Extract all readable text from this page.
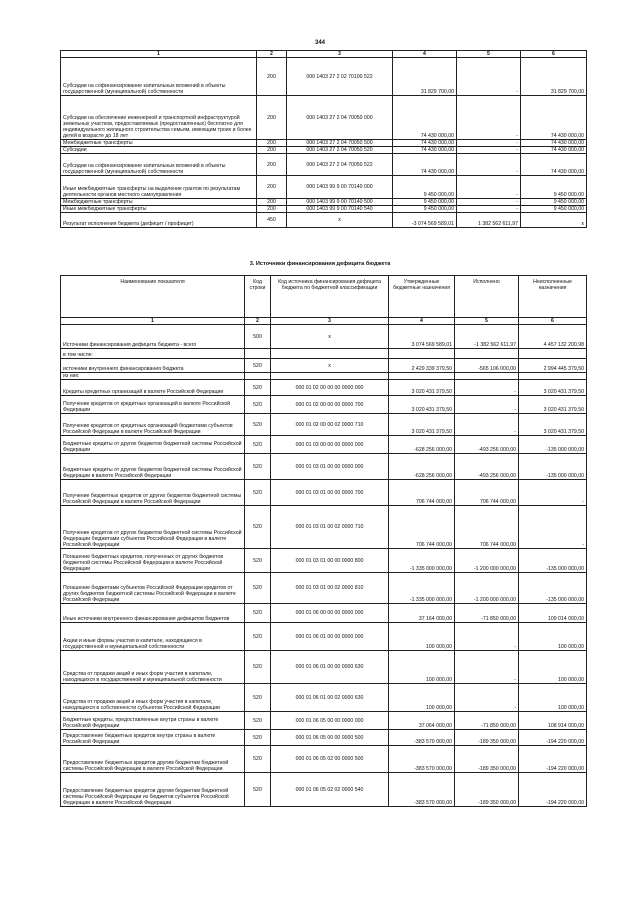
344
1	2	3	4	5	6
Субсидии на софинансирование капитальных вложений в объекты государственной (муниципальной) собственности	200	000 1403 27 2 02 70100 522	31 829 700,00	-	31 829 700,00
Субсидии на обеспечение инженерной и транспортной инфраструктурой земельных участков, предоставляемых (предоставленных) бесплатно для индивидуального жилищного строительства семьям, имеющим троих и более детей в возрасте до 18 лет	200	000 1403 27 2 04 70050 000	74 430 000,00	-	74 430 000,00
Межбюджетные трансферты	200	000 1403 27 2 04 70050 500	74 430 000,00	-	74 430 000,00
Субсидии	200	000 1403 27 2 04 70050 520	74 430 000,00	-	74 430 000,00
Субсидии на софинансирование капитальных вложений в объекты государственной (муниципальной) собственности	200	000 1403 27 2 04 70050 522	74 430 000,00	-	74 430 000,00
Иные межбюджетные трансферты на выделение грантов по результатам деятельности органов местного самоуправления	200	000 1403 99 9 00 70140 000	9 450 000,00	-	9 450 000,00
Межбюджетные трансферты	200	000 1403 99 9 00 70140 500	9 450 000,00	-	9 450 000,00
Иные межбюджетные трансферты	200	000 1403 99 9 00 70140 540	9 450 000,00	-	9 450 000,00
Результат исполнения бюджета (дефицит / профицит)	450	x	-3 074 569 589,01	1 382 562 611,97	x
3. Источники финансирования дефицита бюджета
Наименование показателя	Код строки	Код источника финансирования дефицита бюджета по бюджетной классификации	Утвержденные бюджетные назначения	Исполнено	Неисполненные назначения
1	2	3	4	5	6
Источники финансирования дефицита бюджета - всего	500	x	3 074 569 589,01	-1 382 562 611,97	4 457 132 200,98
в том числе:					
источники внутреннего финансирования бюджета	520	x	2 429 339 379,50	-565 106 000,00	2 994 445 379,50
из них:					
Кредиты кредитных организаций в валюте Российской Федерации	520	000 01 02 00 00 00 0000 000	3 020 431 379,50	-	3 020 431 379,50
Получение кредитов от кредитных организаций в валюте Российской Федерации	520	000 01 02 00 00 00 0000 700	3 020 431 379,50	-	3 020 431 379,50
Получение кредитов от кредитных организаций бюджетами субъектов Российской Федерации в валюте Российской Федерации	520	000 01 02 00 00 02 0000 710	3 020 431 379,50	-	3 020 431 379,50
Бюджетные кредиты от других бюджетов бюджетной системы Российской Федерации	520	000 01 03 00 00 00 0000 000	-628 256 000,00	-493 256 000,00	-135 000 000,00
Бюджетные кредиты от других бюджетов бюджетной системы Российской Федерации в валюте Российской Федерации	520	000 01 03 01 00 00 0000 000	-628 256 000,00	-493 256 000,00	-135 000 000,00
Получение бюджетных кредитов от других бюджетов бюджетной системы Российской Федерации в валюте Российской Федерации	520	000 01 03 01 00 00 0000 700	706 744 000,00	706 744 000,00	-
Получение кредитов от других бюджетов бюджетной системы Российской Федерации бюджетами субъектов Российской Федерации в валюте Российской Федерации	520	000 01 03 01 00 02 0000 710	706 744 000,00	706 744 000,00	-
Погашение бюджетных кредитов, полученных от других бюджетов бюджетной системы Российской Федерации в валюте Российской Федерации	520	000 01 03 01 00 00 0000 800	-1 335 000 000,00	-1 200 000 000,00	-135 000 000,00
Погашение бюджетами субъектов Российской Федерации кредитов от других бюджетов бюджетной системы Российской Федерации в валюте Российской Федерации	520	000 01 03 01 00 02 0000 810	-1 335 000 000,00	-1 200 000 000,00	-135 000 000,00
Иные источники внутреннего финансирования дефицитов бюджетов	520	000 01 06 00 00 00 0000 000	37 164 000,00	-71 850 000,00	109 014 000,00
Акции и иные формы участия в капитале, находящиеся в государственной и муниципальной собственности	520	000 01 06 01 00 00 0000 000	100 000,00	-	100 000,00
Средства от продажи акций и иных форм участия в капитале, находящихся в государственной и муниципальной собственности	520	000 01 06 01 00 00 0000 630	100 000,00	-	100 000,00
Средства от продажи акций и иных форм участия в капитале, находящихся в собственности субъектов Российской Федерации	520	000 01 06 01 00 02 0000 630	100 000,00	-	100 000,00
Бюджетные кредиты, предоставленные внутри страны в валюте Российской Федерации	520	000 01 06 05 00 00 0000 000	37 064 000,00	-71 850 000,00	108 914 000,00
Предоставление бюджетных кредитов внутри страны в валюте Российской Федерации	520	000 01 06 05 00 00 0000 500	-383 570 000,00	-189 350 000,00	-194 220 000,00
Предоставление бюджетных кредитов другим бюджетам бюджетной системы Российской Федерации в валюте Российской Федерации	520	000 01 06 05 02 00 0000 500	-383 570 000,00	-189 350 000,00	-194 220 000,00
Предоставление бюджетных кредитов другим бюджетам бюджетной системы Российской Федерации из бюджетов субъектов Российской Федерации в валюте Российской Федерации	520	000 01 06 05 02 02 0000 540	-383 570 000,00	-189 350 000,00	-194 220 000,00
